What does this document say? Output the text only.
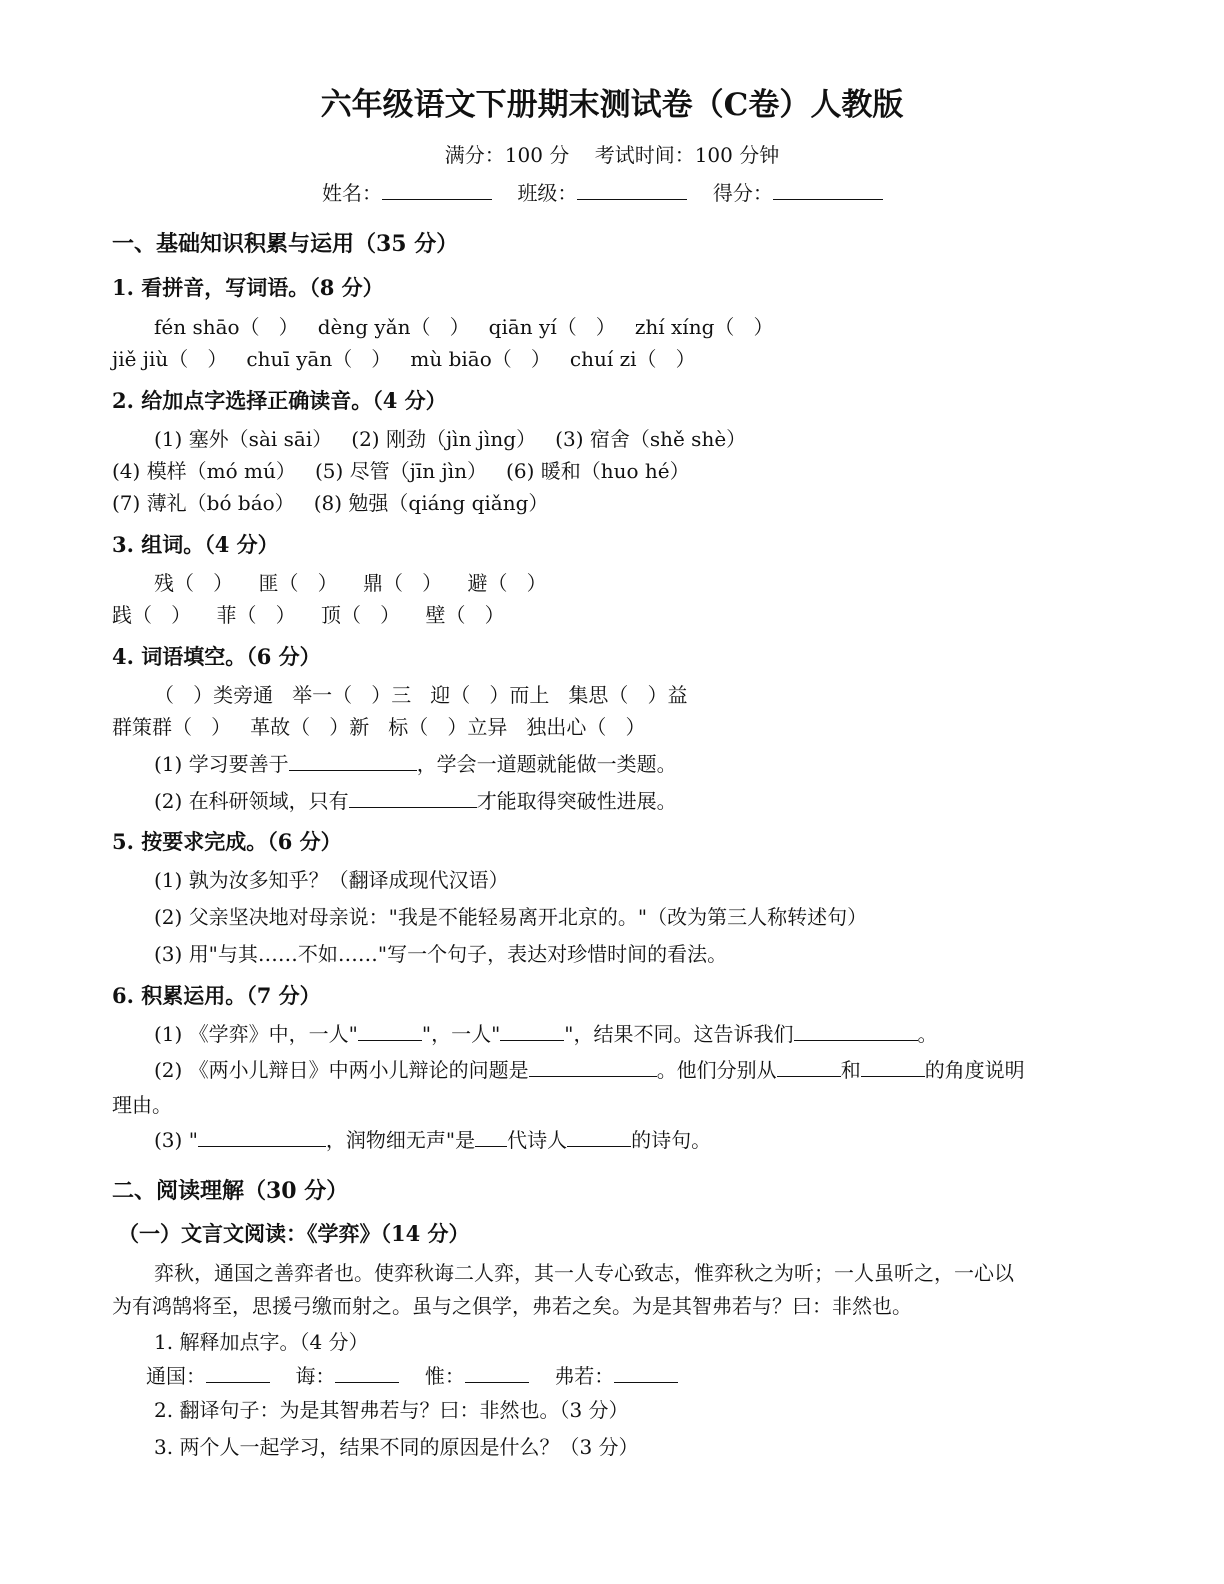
六年级语文下册期末测试卷（C卷）人教版
满分：100 分    考试时间：100 分钟
姓名：	班级：	得分：
一、基础知识积累与运用（35 分）
1. 看拼音，写词语。（8 分）
fén shāo（   ）   dèng yǎn（   ）   qiān yí（   ）   zhí xíng（   ）
jiě jiù（   ）   chuī yān（   ）   mù biāo（   ）   chuí zi（   ）
2. 给加点字选择正确读音。（4 分）
(1) 塞外（sài sāi）   (2) 刚劲（jìn jìng）   (3) 宿舍（shě shè）
(4) 模样（mó mú）   (5) 尽管（jīn jìn）   (6) 暖和（huo hé）
(7) 薄礼（bó báo）   (8) 勉强（qiáng qiǎng）
3. 组词。（4 分）
残（   ）    匪（   ）    鼎（   ）    避（   ）
践（   ）    菲（   ）    顶（   ）    壁（   ）
4. 词语填空。（6 分）
（   ）类旁通   举一（   ）三   迎（   ）而上   集思（   ）益
群策群（   ）   革故（   ）新   标（   ）立异   独出心（   ）
(1) 学习要善于	，学会一道题就能做一类题。
(2) 在科研领域，只有	才能取得突破性进展。
5. 按要求完成。（6 分）
(1) 孰为汝多知乎？（翻译成现代汉语）
(2) 父亲坚决地对母亲说："我是不能轻易离开北京的。"（改为第三人称转述句）
(3) 用"与其……不如……"写一个句子，表达对珍惜时间的看法。
6. 积累运用。（7 分）
(1) 《学弈》中，一人"	"，一人"	"，结果不同。这告诉我们	。
(2) 《两小儿辩日》中两小儿辩论的问题是	。他们分别从	和	的角度说明
理由。
(3) "	，润物细无声"是 代诗人	的诗句。
二、阅读理解（30 分）
（一）文言文阅读：《学弈》（14 分）
弈秋，通国之善弈者也。使弈秋诲二人弈，其一人专心致志，惟弈秋之为听；一人虽听之，一心以
为有鸿鹄将至，思援弓缴而射之。虽与之俱学，弗若之矣。为是其智弗若与？曰：非然也。
1. 解释加点字。（4 分）
通国：	诲：	惟：	弗若：
2. 翻译句子：为是其智弗若与？曰：非然也。（3 分）
3. 两个人一起学习，结果不同的原因是什么？（3 分）
